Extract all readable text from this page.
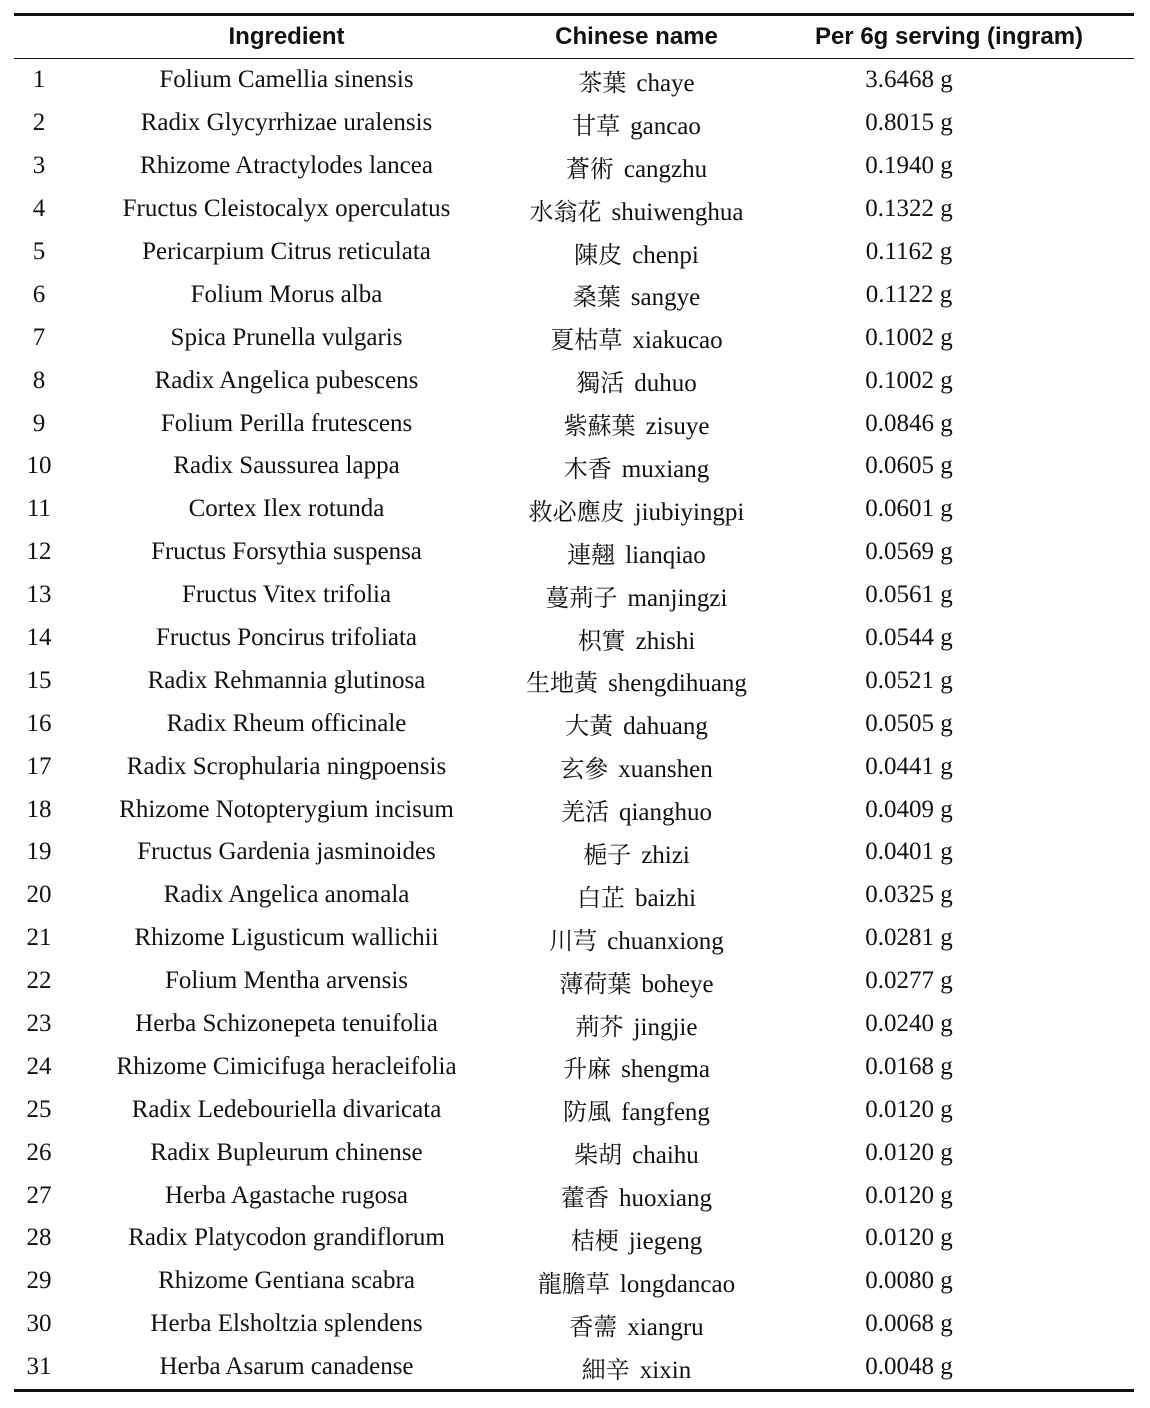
	Ingredient	Chinese name	Per 6g serving (ingram)
1	Folium Camellia sinensis	茶葉 chaye	3.6468 g
2	Radix Glycyrrhizae uralensis	甘草 gancao	0.8015 g
3	Rhizome Atractylodes lancea	蒼術 cangzhu	0.1940 g
4	Fructus Cleistocalyx operculatus	水翁花 shuiwenghua	0.1322 g
5	Pericarpium Citrus reticulata	陳皮 chenpi	0.1162 g
6	Folium Morus alba	桑葉 sangye	0.1122 g
7	Spica Prunella vulgaris	夏枯草 xiakucao	0.1002 g
8	Radix Angelica pubescens	獨活 duhuo	0.1002 g
9	Folium Perilla frutescens	紫蘇葉 zisuye	0.0846 g
10	Radix Saussurea lappa	木香 muxiang	0.0605 g
11	Cortex Ilex rotunda	救必應皮 jiubiyingpi	0.0601 g
12	Fructus Forsythia suspensa	連翹 lianqiao	0.0569 g
13	Fructus Vitex trifolia	蔓荊子 manjingzi	0.0561 g
14	Fructus Poncirus trifoliata	枳實 zhishi	0.0544 g
15	Radix Rehmannia glutinosa	生地黃 shengdihuang	0.0521 g
16	Radix Rheum officinale	大黃 dahuang	0.0505 g
17	Radix Scrophularia ningpoensis	玄參 xuanshen	0.0441 g
18	Rhizome Notopterygium incisum	羌活 qianghuo	0.0409 g
19	Fructus Gardenia jasminoides	梔子 zhizi	0.0401 g
20	Radix Angelica anomala	白芷 baizhi	0.0325 g
21	Rhizome Ligusticum wallichii	川芎 chuanxiong	0.0281 g
22	Folium Mentha arvensis	薄荷葉 boheye	0.0277 g
23	Herba Schizonepeta tenuifolia	荊芥 jingjie	0.0240 g
24	Rhizome Cimicifuga heracleifolia	升麻 shengma	0.0168 g
25	Radix Ledebouriella divaricata	防風 fangfeng	0.0120 g
26	Radix Bupleurum chinense	柴胡 chaihu	0.0120 g
27	Herba Agastache rugosa	藿香 huoxiang	0.0120 g
28	Radix Platycodon grandiflorum	桔梗 jiegeng	0.0120 g
29	Rhizome Gentiana scabra	龍膽草 longdancao	0.0080 g
30	Herba Elsholtzia splendens	香薷 xiangru	0.0068 g
31	Herba Asarum canadense	細辛 xixin	0.0048 g
